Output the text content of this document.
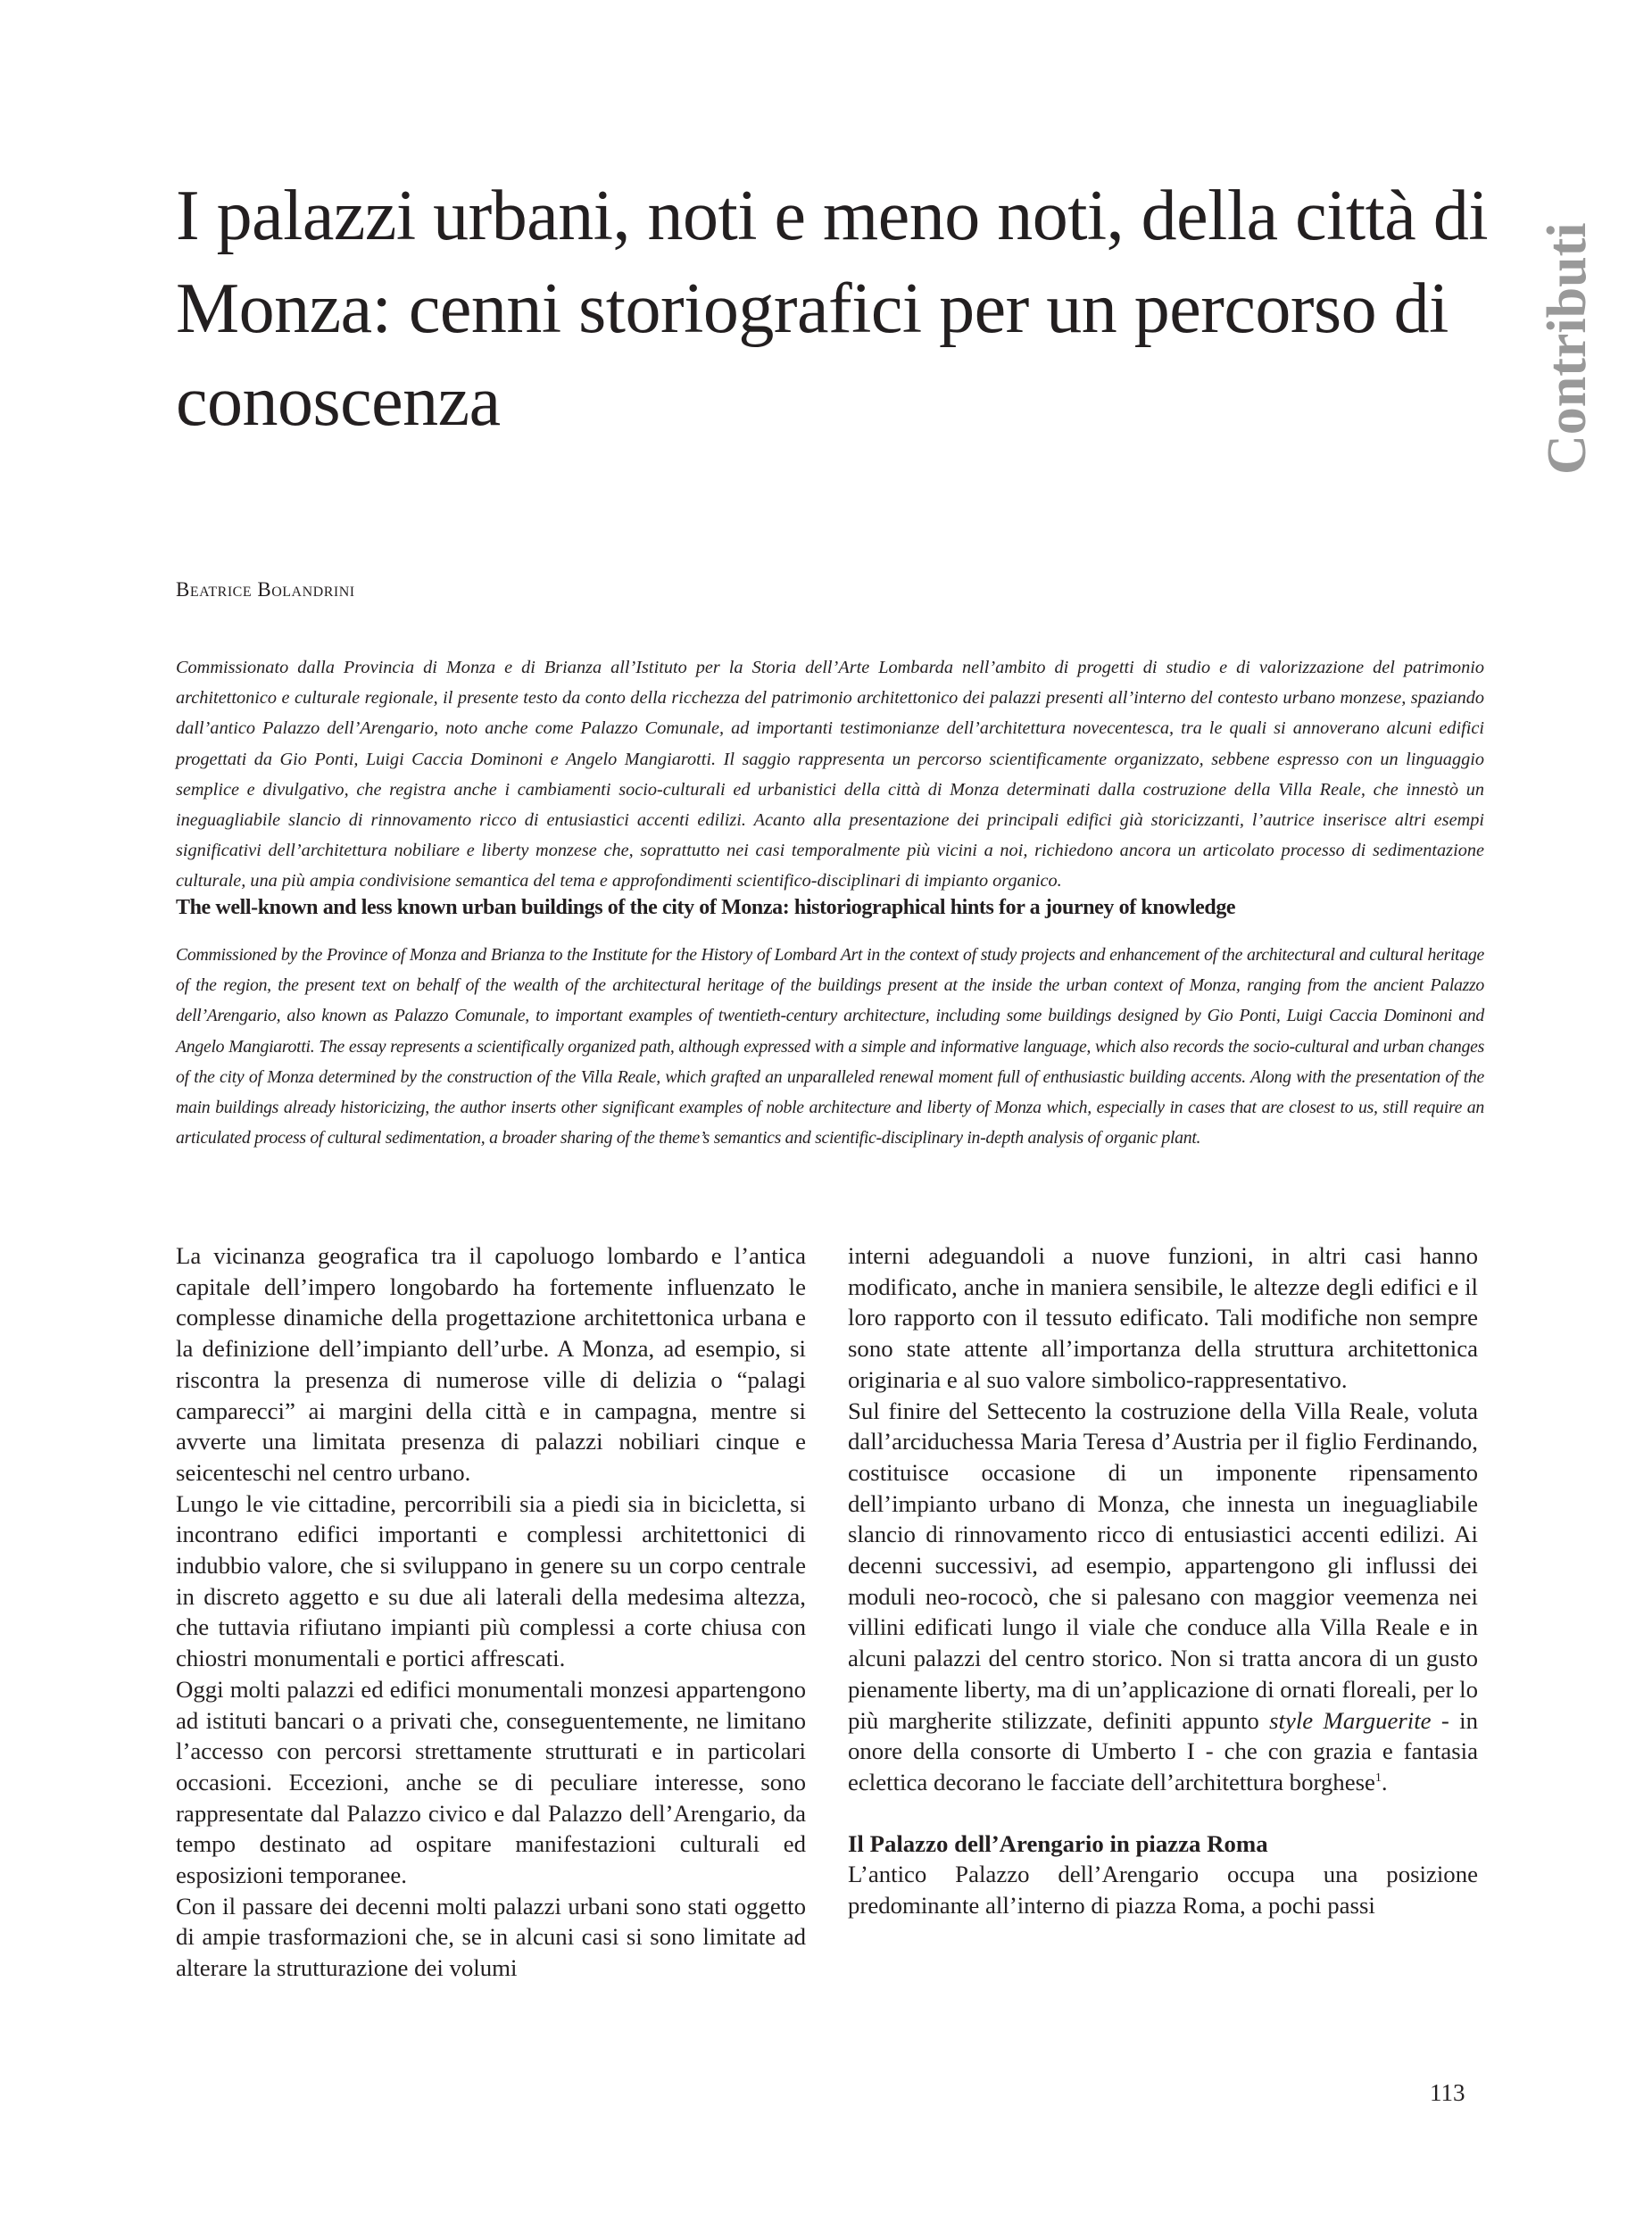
I palazzi urbani, noti e meno noti, della città di Monza: cenni storiografici per un percorso di conoscenza	Contributi
Beatrice Bolandrini

Commissionato dalla Provincia di Monza e di Brianza all’Istituto per la Storia dell’Arte Lombarda nell’ambito di progetti di studio e di valorizzazione del patrimonio architettonico e culturale regionale, il presente testo da conto della ricchezza del patrimonio architettonico dei palazzi presenti all’interno del contesto urbano monzese, spaziando dall’antico Palazzo dell’Arengario, noto anche come Palazzo Comunale, ad importanti testimonianze dell’architettura novecentesca, tra le quali si annoverano alcuni edifici progettati da Gio Ponti, Luigi Caccia Dominoni e Angelo Mangiarotti. Il saggio rappresenta un percorso scientificamente organizzato, sebbene espresso con un linguaggio semplice e divulgativo, che registra anche i cambiamenti socio-culturali ed urbanistici della città di Monza determinati dalla costruzione della Villa Reale, che innestò un ineguagliabile slancio di rinnovamento ricco di entusiastici accenti edilizi. Acanto alla presentazione dei principali edifici già storicizzanti, l’autrice inserisce altri esempi significativi dell’architettura nobiliare e liberty monzese che, soprattutto nei casi temporalmente più vicini a noi, richiedono ancora un articolato processo di sedimentazione culturale, una più ampia condivisione semantica del tema e approfondimenti scientifico-disciplinari di impianto organico.

The well-known and less known urban buildings of the city of Monza: historiographical hints for a journey of knowledge

Commissioned by the Province of Monza and Brianza to the Institute for the History of Lombard Art in the context of study projects and enhancement of the architectural and cultural heritage of the region, the present text on behalf of the wealth of the architectural heritage of the buildings present at the inside the urban context of Monza, ranging from the ancient Palazzo dell’Arengario, also known as Palazzo Comunale, to important examples of twentieth-century architecture, including some buildings designed by Gio Ponti, Luigi Caccia Dominoni and Angelo Mangiarotti. The essay represents a scientifically organized path, although expressed with a simple and informative language, which also records the socio-cultural and urban changes of the city of Monza determined by the construction of the Villa Reale, which grafted an unparalleled renewal moment full of enthusiastic building accents. Along with the presentation of the main buildings already historicizing, the author inserts other significant examples of noble architecture and liberty of Monza which, especially in cases that are closest to us, still require an articulated process of cultural sedimentation, a broader sharing of the theme’s semantics and scientific-disciplinary in-depth analysis of organic plant.

La vicinanza geografica tra il capoluogo lombardo e l’antica capitale dell’impero longobardo ha fortemente influenzato le complesse dinamiche della progettazione architettonica urbana e la definizione dell’impianto dell’urbe. A Monza, ad esempio, si riscontra la presenza di numerose ville di delizia o “palagi camparecci” ai margini della città e in campagna, mentre si avverte una limitata presenza di palazzi nobiliari cinque e seicenteschi nel centro urbano.

Lungo le vie cittadine, percorribili sia a piedi sia in bicicletta, si incontrano edifici importanti e complessi architettonici di indubbio valore, che si sviluppano in genere su un corpo centrale in discreto aggetto e su due ali laterali della medesima altezza, che tuttavia rifiutano impianti più complessi a corte chiusa con chiostri monumentali e portici affrescati.

Oggi molti palazzi ed edifici monumentali monzesi appartengono ad istituti bancari o a privati che, conseguentemente, ne limitano l’accesso con percorsi strettamente strutturati e in particolari occasioni. Eccezioni, anche se di peculiare interesse, sono rappresentate dal Palazzo civico e dal Palazzo dell’Arengario, da tempo destinato ad ospitare manifestazioni culturali ed esposizioni temporanee.

Con il passare dei decenni molti palazzi urbani sono stati oggetto di ampie trasformazioni che, se in alcuni casi si sono limitate ad alterare la strutturazione dei volumi

interni adeguandoli a nuove funzioni, in altri casi hanno modificato, anche in maniera sensibile, le altezze degli edifici e il loro rapporto con il tessuto edificato. Tali modifiche non sempre sono state attente all’importanza della struttura architettonica originaria e al suo valore simbolico-rappresentativo.

Sul finire del Settecento la costruzione della Villa Reale, voluta dall’arciduchessa Maria Teresa d’Austria per il figlio Ferdinando, costituisce occasione di un imponente ripensamento dell’impianto urbano di Monza, che innesta un ineguagliabile slancio di rinnovamento ricco di entusiastici accenti edilizi. Ai decenni successivi, ad esempio, appartengono gli influssi dei moduli neo-rococò, che si palesano con maggior veemenza nei villini edificati lungo il viale che conduce alla Villa Reale e in alcuni palazzi del centro storico. Non si tratta ancora di un gusto pienamente liberty, ma di un’applicazione di ornati floreali, per lo più margherite stilizzate, definiti appunto style Marguerite - in onore della consorte di Umberto I - che con grazia e fantasia eclettica decorano le facciate dell’architettura borghese$^1$.

Il Palazzo dell’Arengario in piazza Roma

L’antico Palazzo dell’Arengario occupa una posizione predominante all’interno di piazza Roma, a pochi passi

113
